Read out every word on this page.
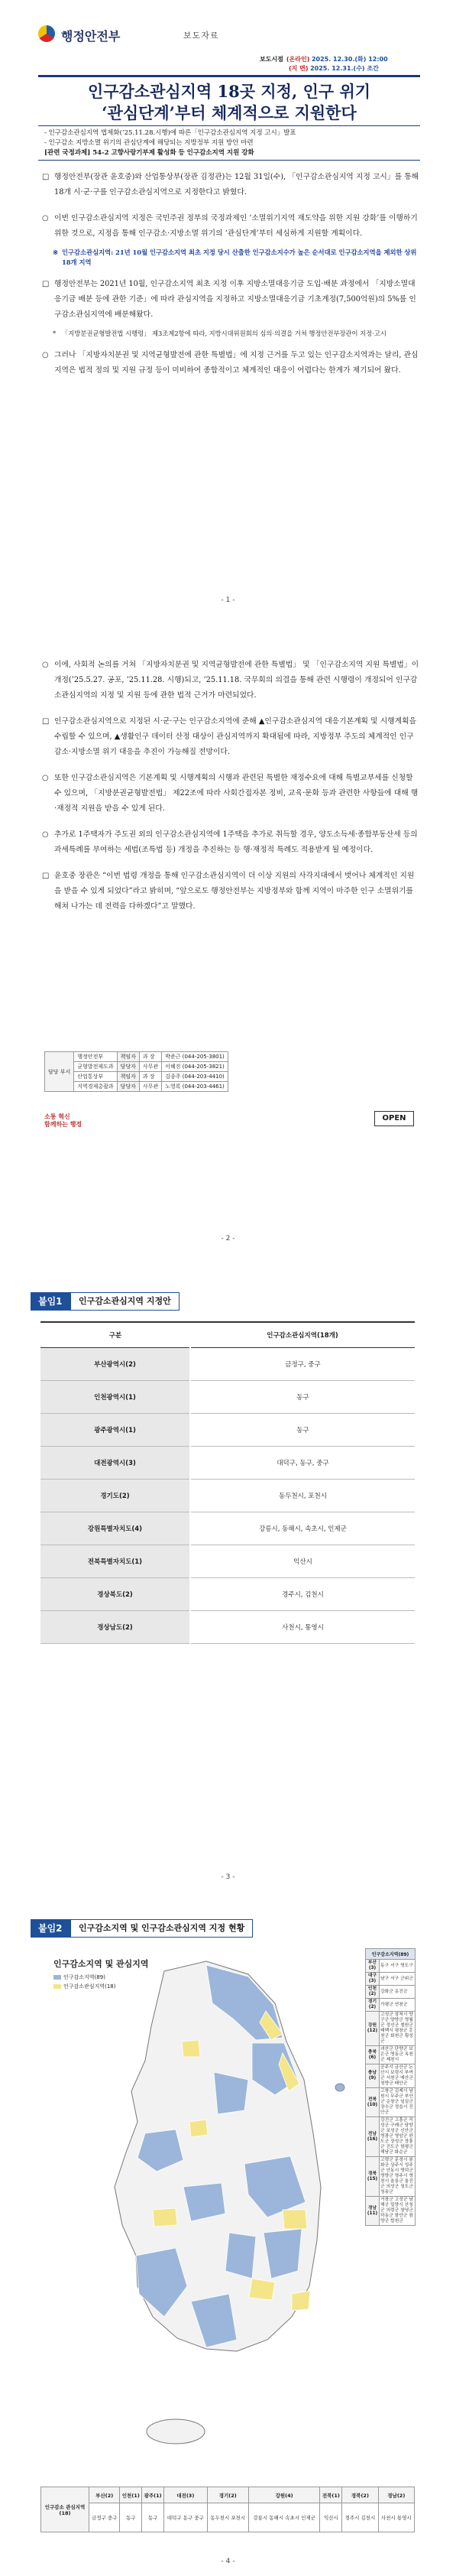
행정안전부	보도자료
보도시점 (온라인) 2025. 12.30.(화) 12:00
(지 면) 2025. 12.31.(수) 조간
인구감소관심지역 18곳 지정, 인구 위기
‘관심단계’부터 체계적으로 지원한다
- 인구감소관심지역 법제화(’25.11.28.시행)에 따른「인구감소관심지역 지정 고시」발표
- 인구감소 지방소멸 위기의 관심단계에 해당되는 지방정부 지원 방안 마련
[관련 국정과제] 54-2 고향사랑기부제 활성화 등 인구감소지역 지원 강화

□ 행정안전부(장관 윤호중)와 산업통상부(장관 김정관)는 12월 31일(수), 「인구감소관심지역 지정 고시」를 통해 18개 시·군·구를 인구감소관심지역으로 지정한다고 밝혔다.

○ 이번 인구감소관심지역 지정은 국민주권 정부의 국정과제인 ‘소멸위기지역 재도약을 위한 지원 강화’를 이행하기 위한 것으로, 지정을 통해 인구감소·지방소멸 위기의 ‘관심단계’부터 세심하게 지원할 계획이다.

※ 인구감소관심지역: 21년 10월 인구감소지역 최초 지정 당시 산출한 인구감소지수가 높은 순서대로 인구감소지역을 제외한 상위 18개 지역

□ 행정안전부는 2021년 10월, 인구감소지역 최초 지정 이후 지방소멸대응기금 도입·배분 과정에서 「지방소멸대응기금 배분 등에 관한 기준」에 따라 관심지역을 지정하고 지방소멸대응기금 기초계정(7,500억원)의 5%를 인구감소관심지역에 배분해왔다.

* 「지방분권균형발전법 시행령」 제3조제2항에 따라, 지방시대위원회의 심의·의결을 거쳐 행정안전부장관이 지정·고시

○ 그러나 「지방자치분권 및 지역균형발전에 관한 특별법」에 지정 근거를 두고 있는 인구감소지역과는 달리, 관심지역은 법적 정의 및 지원 규정 등이 미비하여 종합적이고 체계적인 대응이 어렵다는 한계가 제기되어 왔다.

- 1 -

○ 이에, 사회적 논의를 거쳐 「지방자치분권 및 지역균형발전에 관한 특별법」 및 「인구감소지역 지원 특별법」이 개정(’25.5.27. 공포, ’25.11.28. 시행)되고, ’25.11.18. 국무회의 의결을 통해 관련 시행령이 개정되어 인구감소관심지역의 지정 및 지원 등에 관한 법적 근거가 마련되었다.

□ 인구감소관심지역으로 지정된 시·군·구는 인구감소지역에 준해 ▲인구감소관심지역 대응기본계획 및 시행계획을 수립할 수 있으며, ▲생활인구 데이터 산정 대상이 관심지역까지 확대됨에 따라, 지방정부 주도의 체계적인 인구감소·지방소멸 위기 대응을 추진이 가능해질 전망이다.

○ 또한 인구감소관심지역은 기본계획 및 시행계획의 시행과 관련된 특별한 재정수요에 대해 특별교부세를 신청할 수 있으며, 「지방분권균형발전법」 제22조에 따라 사회간접자본 정비, 교육·문화 등과 관련한 사항들에 대해 행·재정적 지원을 받을 수 있게 된다.

○ 추가로 1주택자가 주도권 외의 인구감소관심지역에 1주택을 추가로 취득할 경우, 양도소득세·종합부동산세 등의 과세특례를 부여하는 세법(조특법 등) 개정을 추진하는 등 행·재정적 특례도 적용받게 될 예정이다.

□ 윤호중 장관은 “이번 법령 개정을 통해 인구감소관심지역이 더 이상 지원의 사각지대에서 벗어나 체계적인 지원을 받을 수 있게 되었다”라고 밝히며, “앞으로도 행정안전부는 지방정부와 함께 지역이 마주한 인구 소멸위기를 해쳐 나가는 데 전력을 다하겠다”고 말했다.

담당 부서	행정안전부	책임자	과 장	박준근 (044-205-3801)
	균형발전제도과	담당자	사무관	이혜진 (044-205-3821)
	산업통상부	책임자	과 장	김종주 (044-203-4410)
	지역경제총괄과	담당자	사무관	노영록 (044-203-4461)
소통 혁신
함께하는 행정
OPEN
- 2 -
붙임1	인구감소관심지역 지정안
구분	인구감소관심지역(18개)
부산광역시(2)	금정구, 중구
인천광역시(1)	동구
광주광역시(1)	동구
대전광역시(3)	대덕구, 동구, 중구
경기도(2)	동두천시, 포천시
강원특별자치도(4)	강릉시, 동해시, 속초시, 인제군
전북특별자치도(1)	익산시
경상북도(2)	경주시, 김천시
경상남도(2)	사천시, 통영시
- 3 -
붙임2	인구감소지역 및 인구감소관심지역 지정 현황
인구감소지역 및 관심지역
인구감소지역(89)
인구감소관심지역(18)
인구감소지역(89)	
부산(3)	동구 서구 영도구
대구(3)	남구 서구 군위군
인천(2)	강화군 옹진군
경기(2)	가평군 연천군
강원(12)	고성군 삼척시 양구군 양양군 영월군 정선군 철원군 태백시 평창군 홍천군 화천군 횡성군
충북(6)	괴산군 단양군 보은군 영동군 옥천군 제천시
충남(9)	공주시 금산군 논산시 보령시 부여군 서천군 예산군 청양군 태안군
전북(10)	고창군 김제시 남원시 무주군 부안군 순창군 임실군 장수군 정읍시 진안군
전남(16)	강진군 고흥군 곡성군 구례군 담양군 보성군 신안군 영광군 영암군 완도군 장성군 장흥군 진도군 함평군 해남군 화순군
경북(15)	고령군 문경시 봉화군 상주시 성주군 안동시 영덕군 영양군 영주시 영천시 울릉군 울진군 의성군 청도군 청송군
경남(11)	거창군 고성군 남해군 밀양시 산청군 의령군 창녕군 하동군 함안군 함양군 합천군
인구감소 관심지역 (18)	부산(2)	인천(1)	광주(1)	대전(3)	경기(2)	강원(4)	전북(1)	경북(2)	경남(2)
	금정구 중구	동구	동구	대덕구 동구 중구	동두천시 포천시	강릉시 동해시 속초시 인제군	익산시	경주시 김천시	사천시 통영시
- 4 -
